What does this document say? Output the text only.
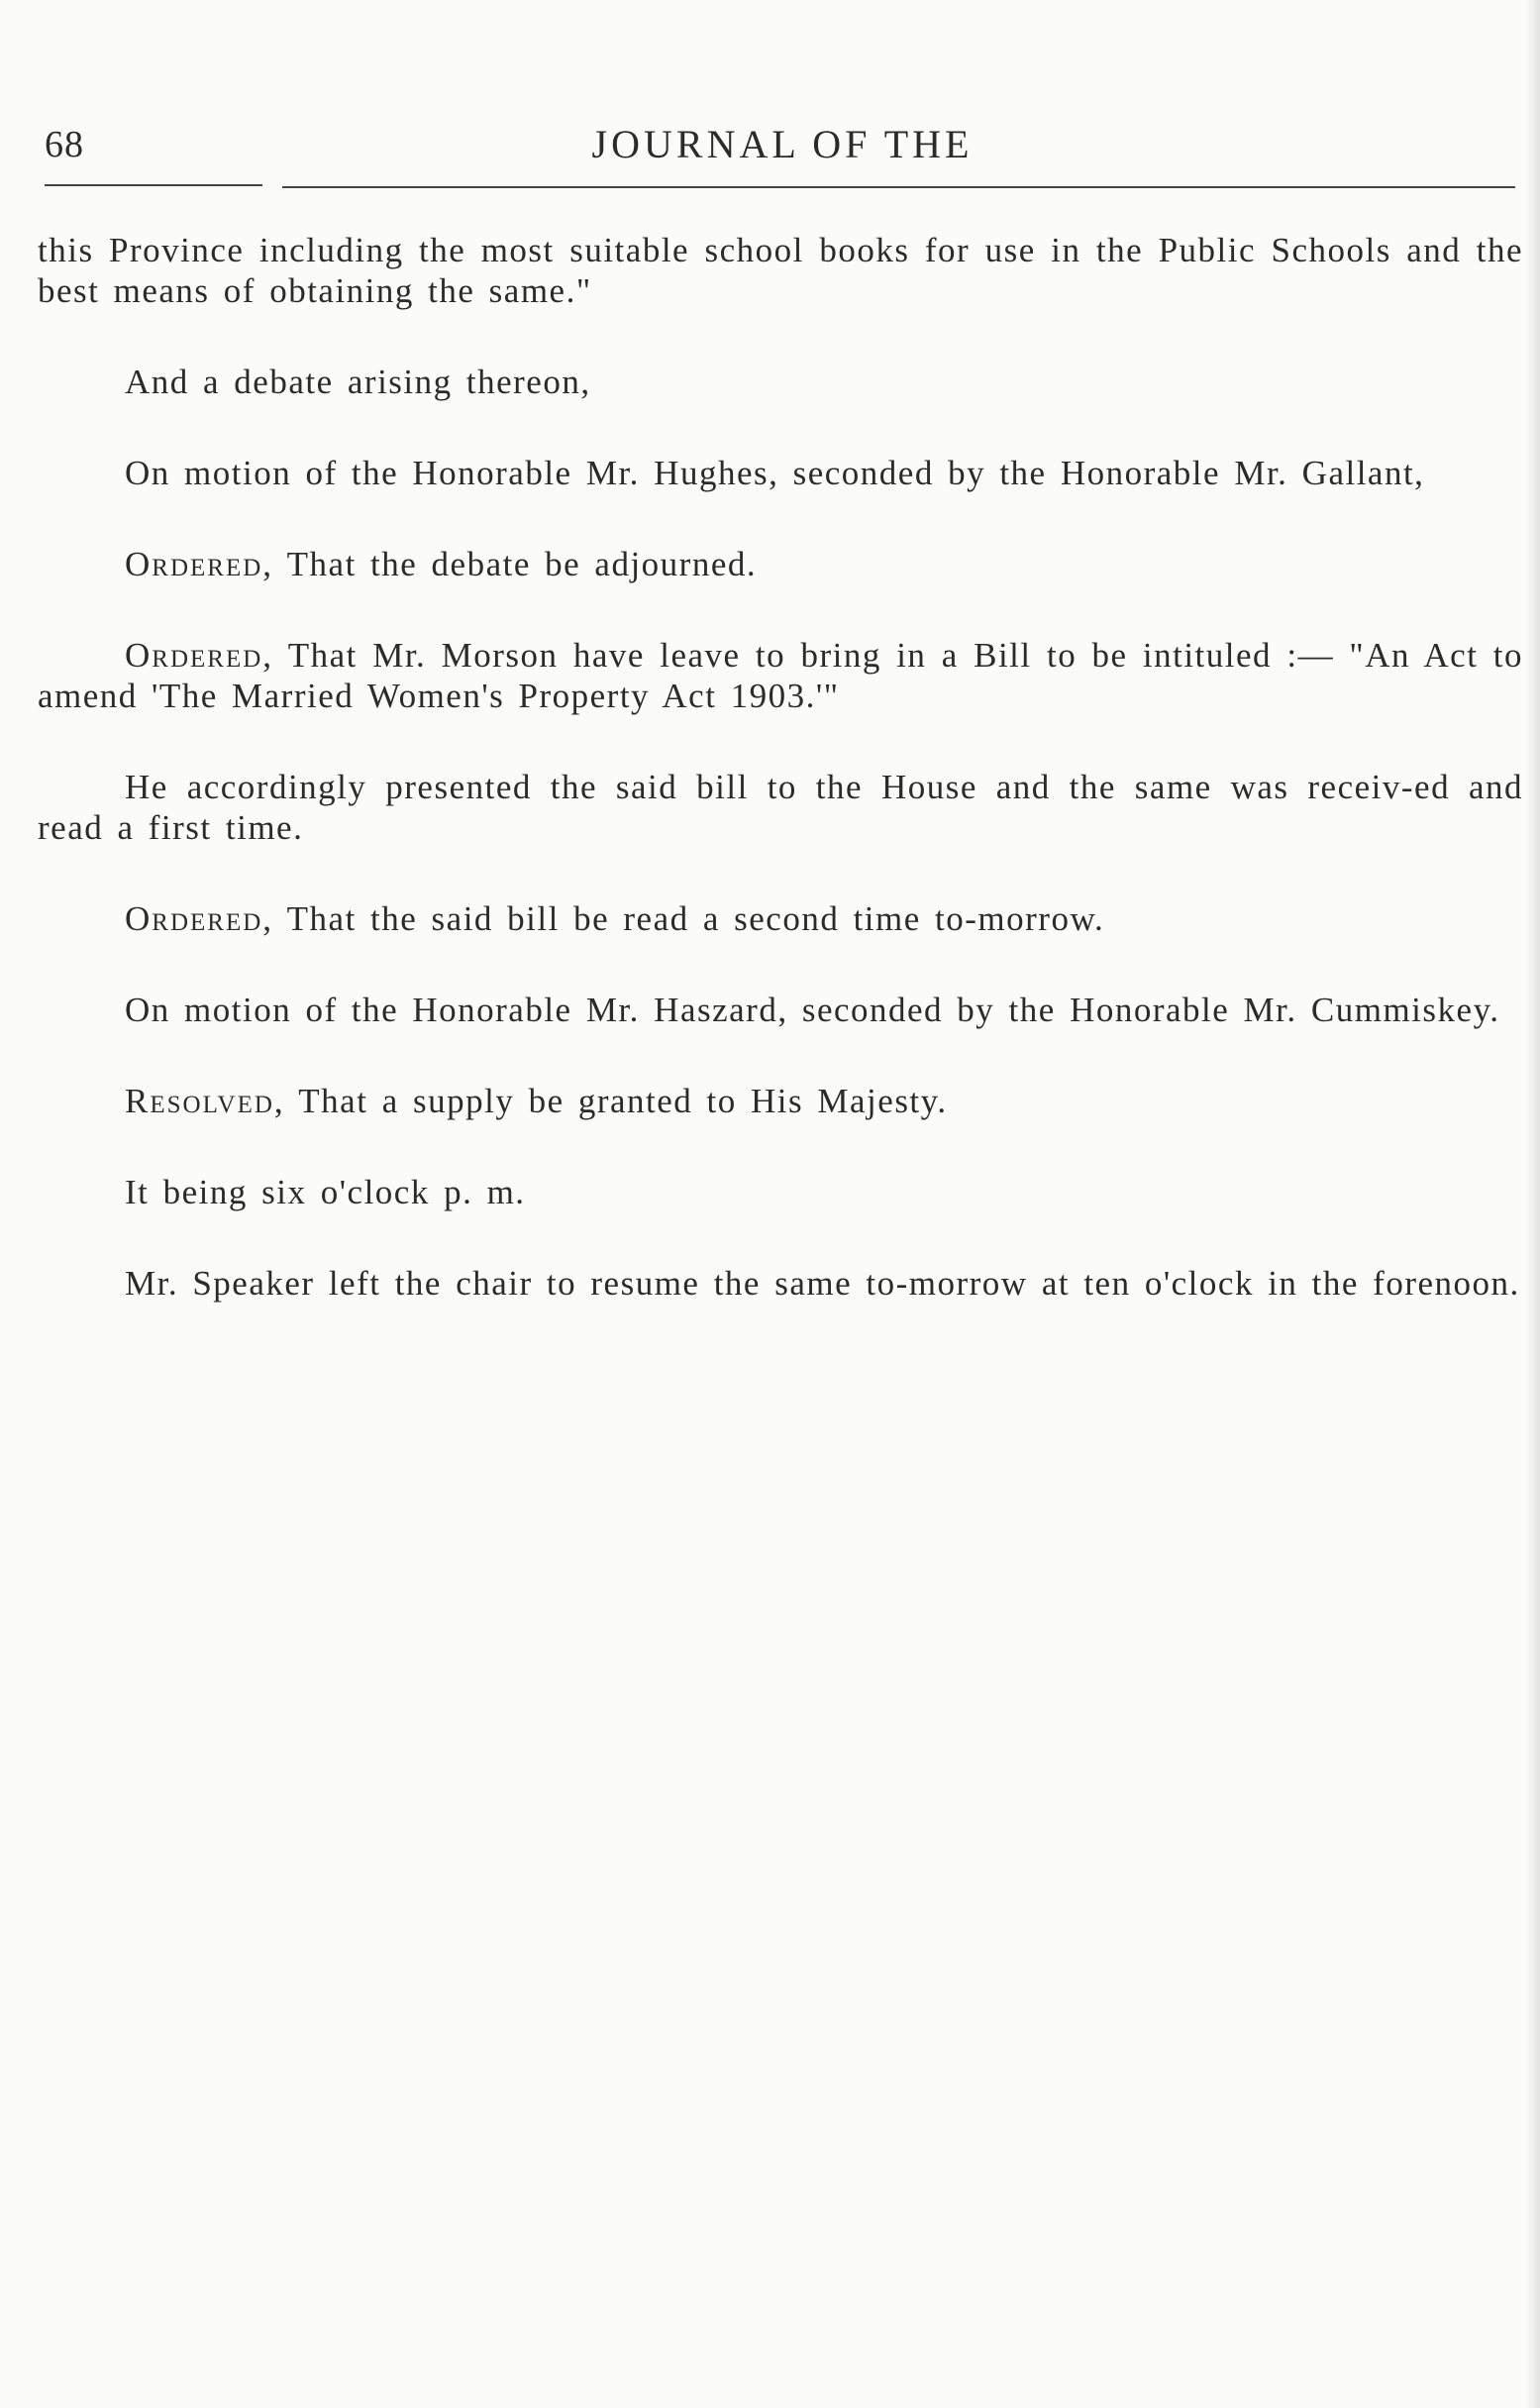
68	JOURNAL OF THE

this Province including the most suitable school books for use in the Public Schools and the best means of obtaining the same."

And a debate arising thereon,

On motion of the Honorable Mr. Hughes, seconded by the Honorable Mr. Gallant,

Ordered, That the debate be adjourned.

Ordered, That Mr. Morson have leave to bring in a Bill to be intituled :— "An Act to amend 'The Married Women's Property Act 1903.'"

He accordingly presented the said bill to the House and the same was receiv-ed and read a first time.

Ordered, That the said bill be read a second time to-morrow.

On motion of the Honorable Mr. Haszard, seconded by the Honorable Mr. Cummiskey.

Resolved, That a supply be granted to His Majesty.

It being six o'clock p. m.

Mr. Speaker left the chair to resume the same to-morrow at ten o'clock in the forenoon.
